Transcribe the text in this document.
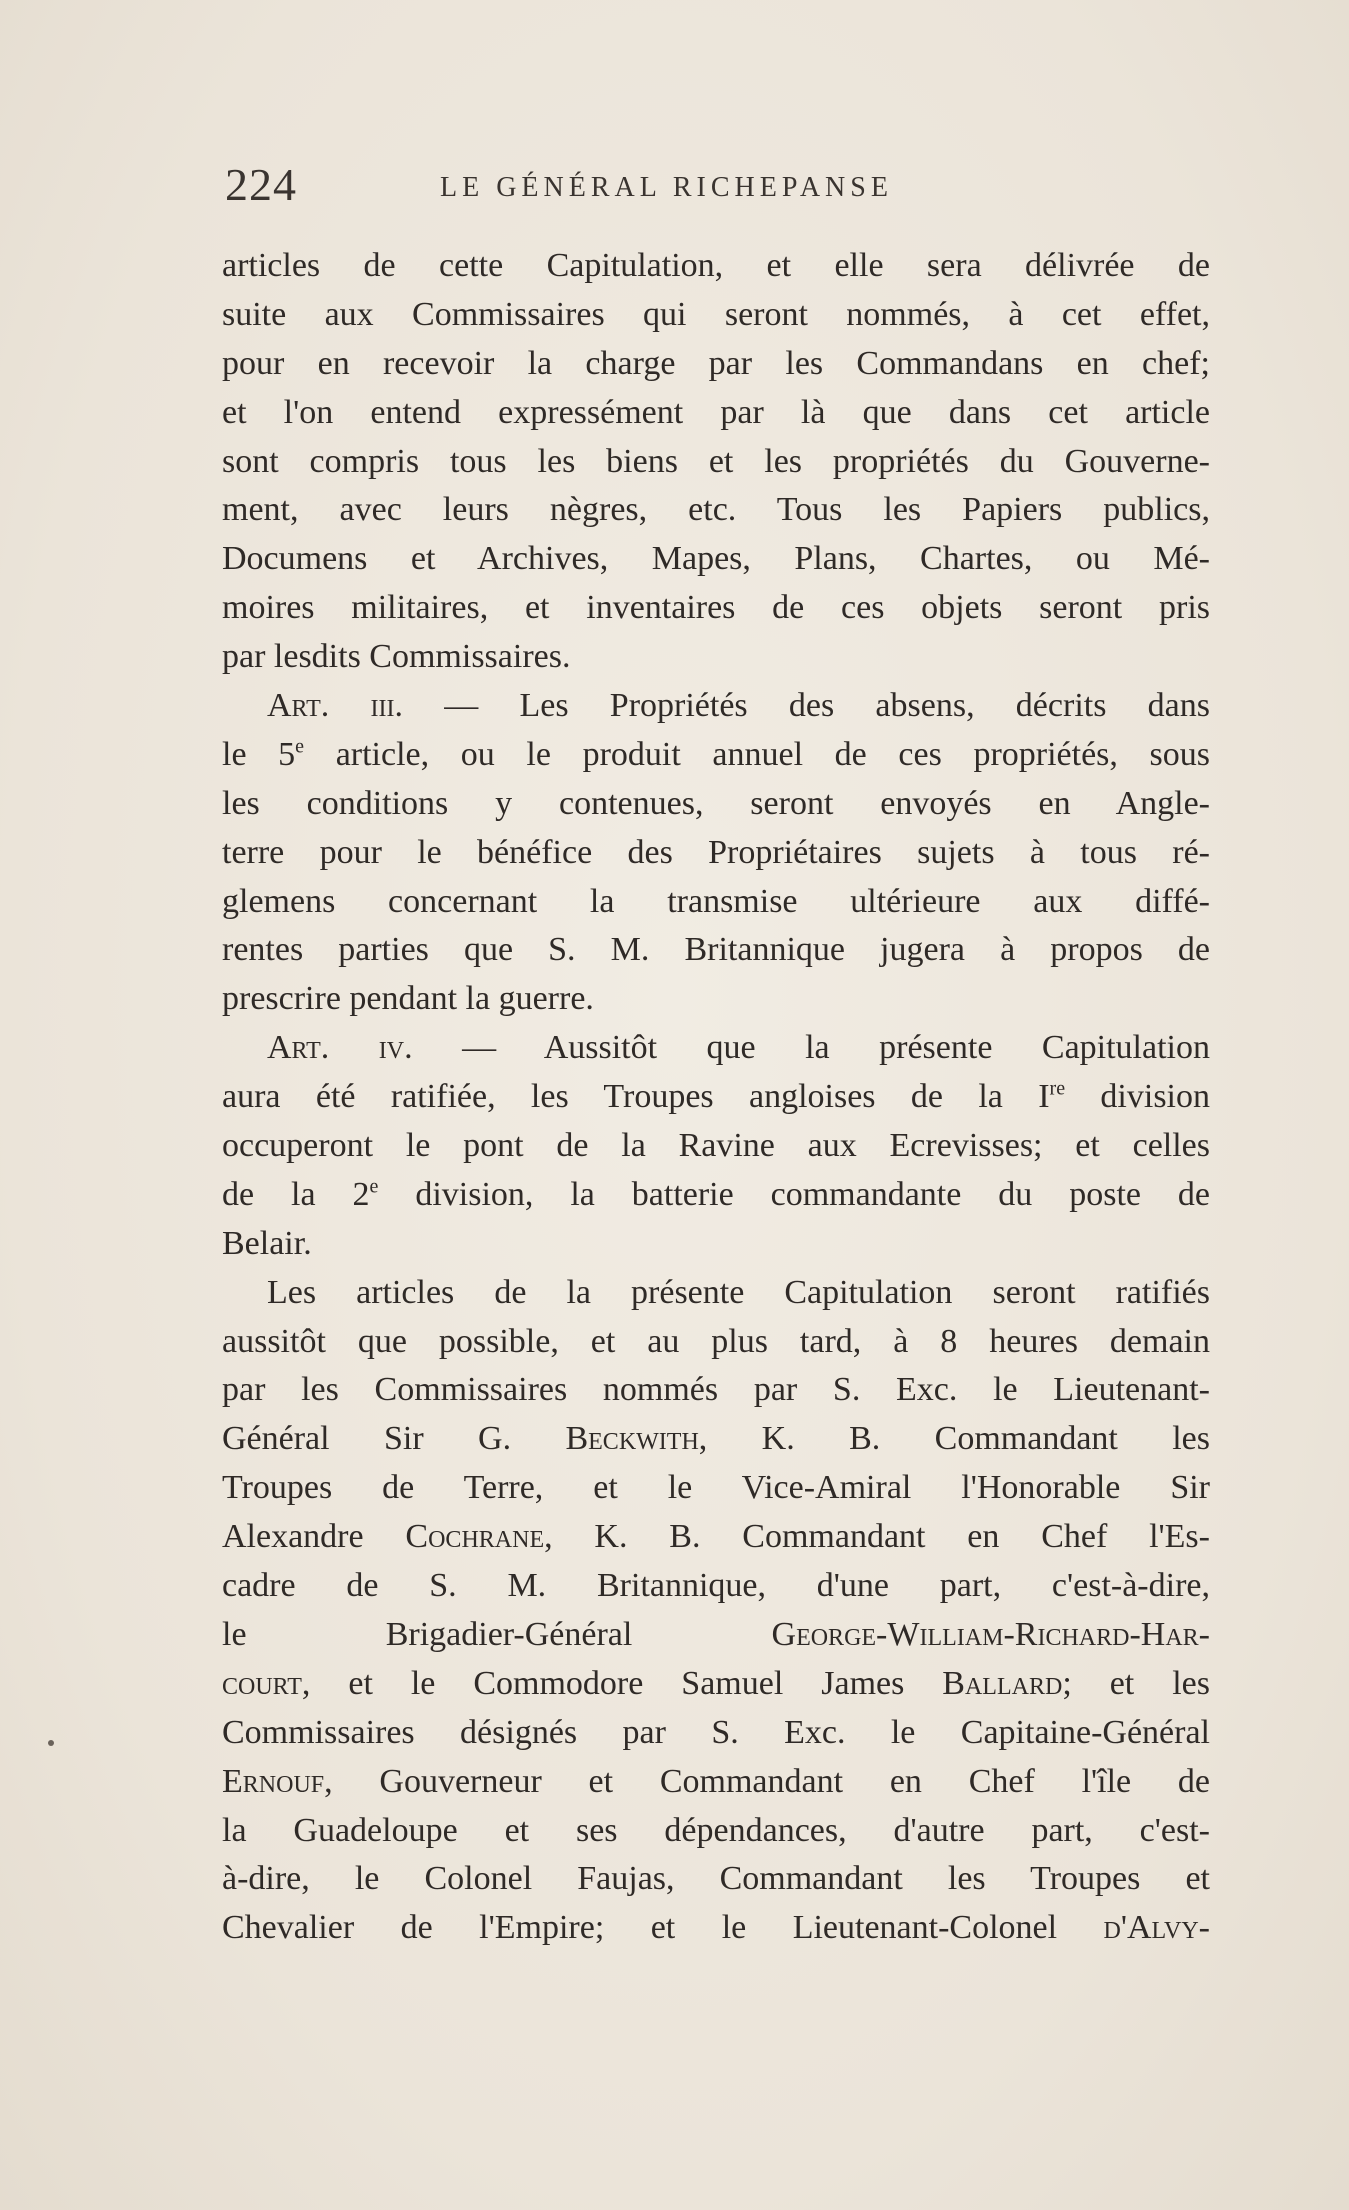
224	LE GÉNÉRAL RICHEPANSE
articles de cette Capitulation, et elle sera délivrée de
suite aux Commissaires qui seront nommés, à cet effet,
pour en recevoir la charge par les Commandans en chef;
et l'on entend expressément par là que dans cet article
sont compris tous les biens et les propriétés du Gouverne-
ment, avec leurs nègres, etc. Tous les Papiers publics,
Documens et Archives, Mapes, Plans, Chartes, ou Mé-
moires militaires, et inventaires de ces objets seront pris
par lesdits Commissaires.
Art. iii. — Les Propriétés des absens, décrits dans
le 5e article, ou le produit annuel de ces propriétés, sous
les conditions y contenues, seront envoyés en Angle-
terre pour le bénéfice des Propriétaires sujets à tous ré-
glemens concernant la transmise ultérieure aux diffé-
rentes parties que S. M. Britannique jugera à propos de
prescrire pendant la guerre.
Art. iv. — Aussitôt que la présente Capitulation
aura été ratifiée, les Troupes angloises de la Ire division
occuperont le pont de la Ravine aux Ecrevisses; et celles
de la 2e division, la batterie commandante du poste de
Belair.
Les articles de la présente Capitulation seront ratifiés
aussitôt que possible, et au plus tard, à 8 heures demain
par les Commissaires nommés par S. Exc. le Lieutenant-
Général Sir G. Beckwith, K. B. Commandant les
Troupes de Terre, et le Vice-Amiral l'Honorable Sir
Alexandre Cochrane, K. B. Commandant en Chef l'Es-
cadre de S. M. Britannique, d'une part, c'est-à-dire,
le Brigadier-Général George-William-Richard-Har-
court, et le Commodore Samuel James Ballard; et les
Commissaires désignés par S. Exc. le Capitaine-Général
Ernouf, Gouverneur et Commandant en Chef l'île de
la Guadeloupe et ses dépendances, d'autre part, c'est-
à-dire, le Colonel Faujas, Commandant les Troupes et
Chevalier de l'Empire; et le Lieutenant-Colonel d'Alvy-
